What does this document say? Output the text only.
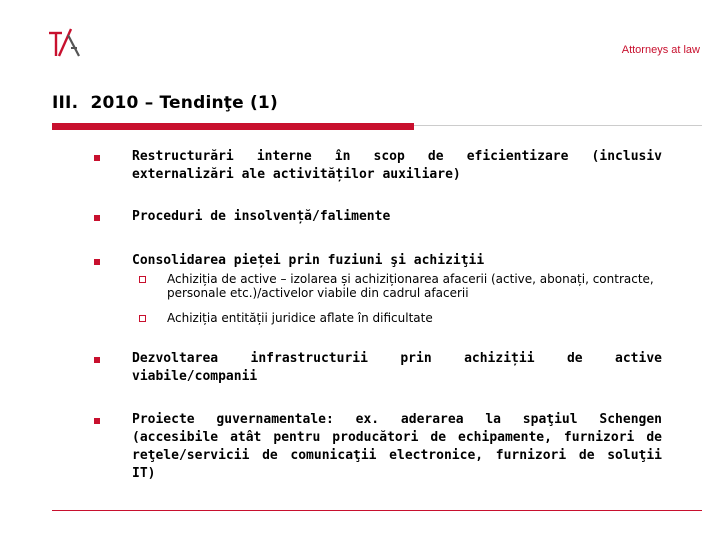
Attorneys at law
III.  2010 – Tendinţe (1)
Restructurări interne în scop de eficientizare (inclusiv externalizări ale activităților auxiliare)
Proceduri de insolvență/falimente
Consolidarea pieței prin fuziuni şi achiziţii
Achiziția de active – izolarea și achiziționarea afacerii (active, abonați, contracte, personale etc.)/activelor viabile din cadrul afacerii
Achiziția entității juridice aflate în dificultate
Dezvoltarea infrastructurii prin achiziții de active viabile/companii
Proiecte guvernamentale: ex. aderarea la spaţiul Schengen (accesibile atât pentru producători de echipamente, furnizori de reţele/servicii de comunicaţii electronice, furnizori de soluţii IT)
